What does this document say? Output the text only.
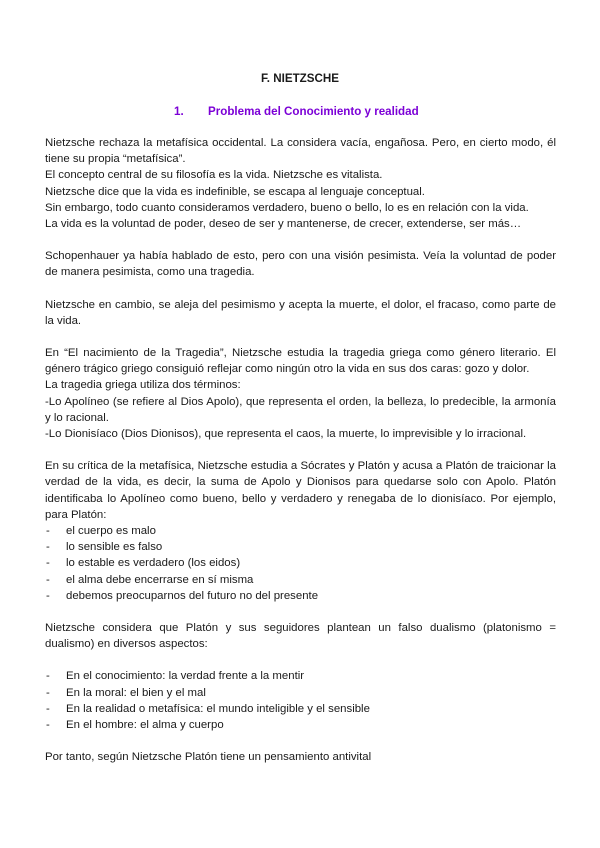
F. NIETZSCHE
1. Problema del Conocimiento y realidad

Nietzsche rechaza la metafísica occidental. La considera vacía, engañosa. Pero, en cierto modo, él tiene su propia “metafísica”.

El concepto central de su filosofía es la vida. Nietzsche es vitalista.

Nietzsche dice que la vida es indefinible, se escapa al lenguaje conceptual.

Sin embargo, todo cuanto consideramos verdadero, bueno o bello, lo es en relación con la vida.

La vida es la voluntad de poder, deseo de ser y mantenerse, de crecer, extenderse, ser más…

Schopenhauer ya había hablado de esto, pero con una visión pesimista. Veía la voluntad de poder de manera pesimista, como una tragedia.

Nietzsche en cambio, se aleja del pesimismo y acepta la muerte, el dolor, el fracaso, como parte de la vida.

En “El nacimiento de la Tragedia”, Nietzsche estudia la tragedia griega como género literario. El género trágico griego consiguió reflejar como ningún otro la vida en sus dos caras: gozo y dolor.

La tragedia griega utiliza dos términos:

-Lo Apolíneo (se refiere al Dios Apolo), que representa el orden, la belleza, lo predecible, la armonía y lo racional.

-Lo Dionisíaco (Dios Dionisos), que representa el caos, la muerte, lo imprevisible y lo irracional.

En su crítica de la metafísica, Nietzsche estudia a Sócrates y Platón y acusa a Platón de traicionar la verdad de la vida, es decir, la suma de Apolo y Dionisos para quedarse solo con Apolo. Platón identificaba lo Apolíneo como bueno, bello y verdadero y renegaba de lo dionisíaco. Por ejemplo, para Platón:

- el cuerpo es malo
- lo sensible es falso
- lo estable es verdadero (los eidos)
- el alma debe encerrarse en sí misma
- debemos preocuparnos del futuro no del presente

Nietzsche considera que Platón y sus seguidores plantean un falso dualismo (platonismo = dualismo) en diversos aspectos:

- En el conocimiento: la verdad frente a la mentir
- En la moral: el bien y el mal
- En la realidad o metafísica: el mundo inteligible y el sensible
- En el hombre: el alma y cuerpo

Por tanto, según Nietzsche Platón tiene un pensamiento antivital
